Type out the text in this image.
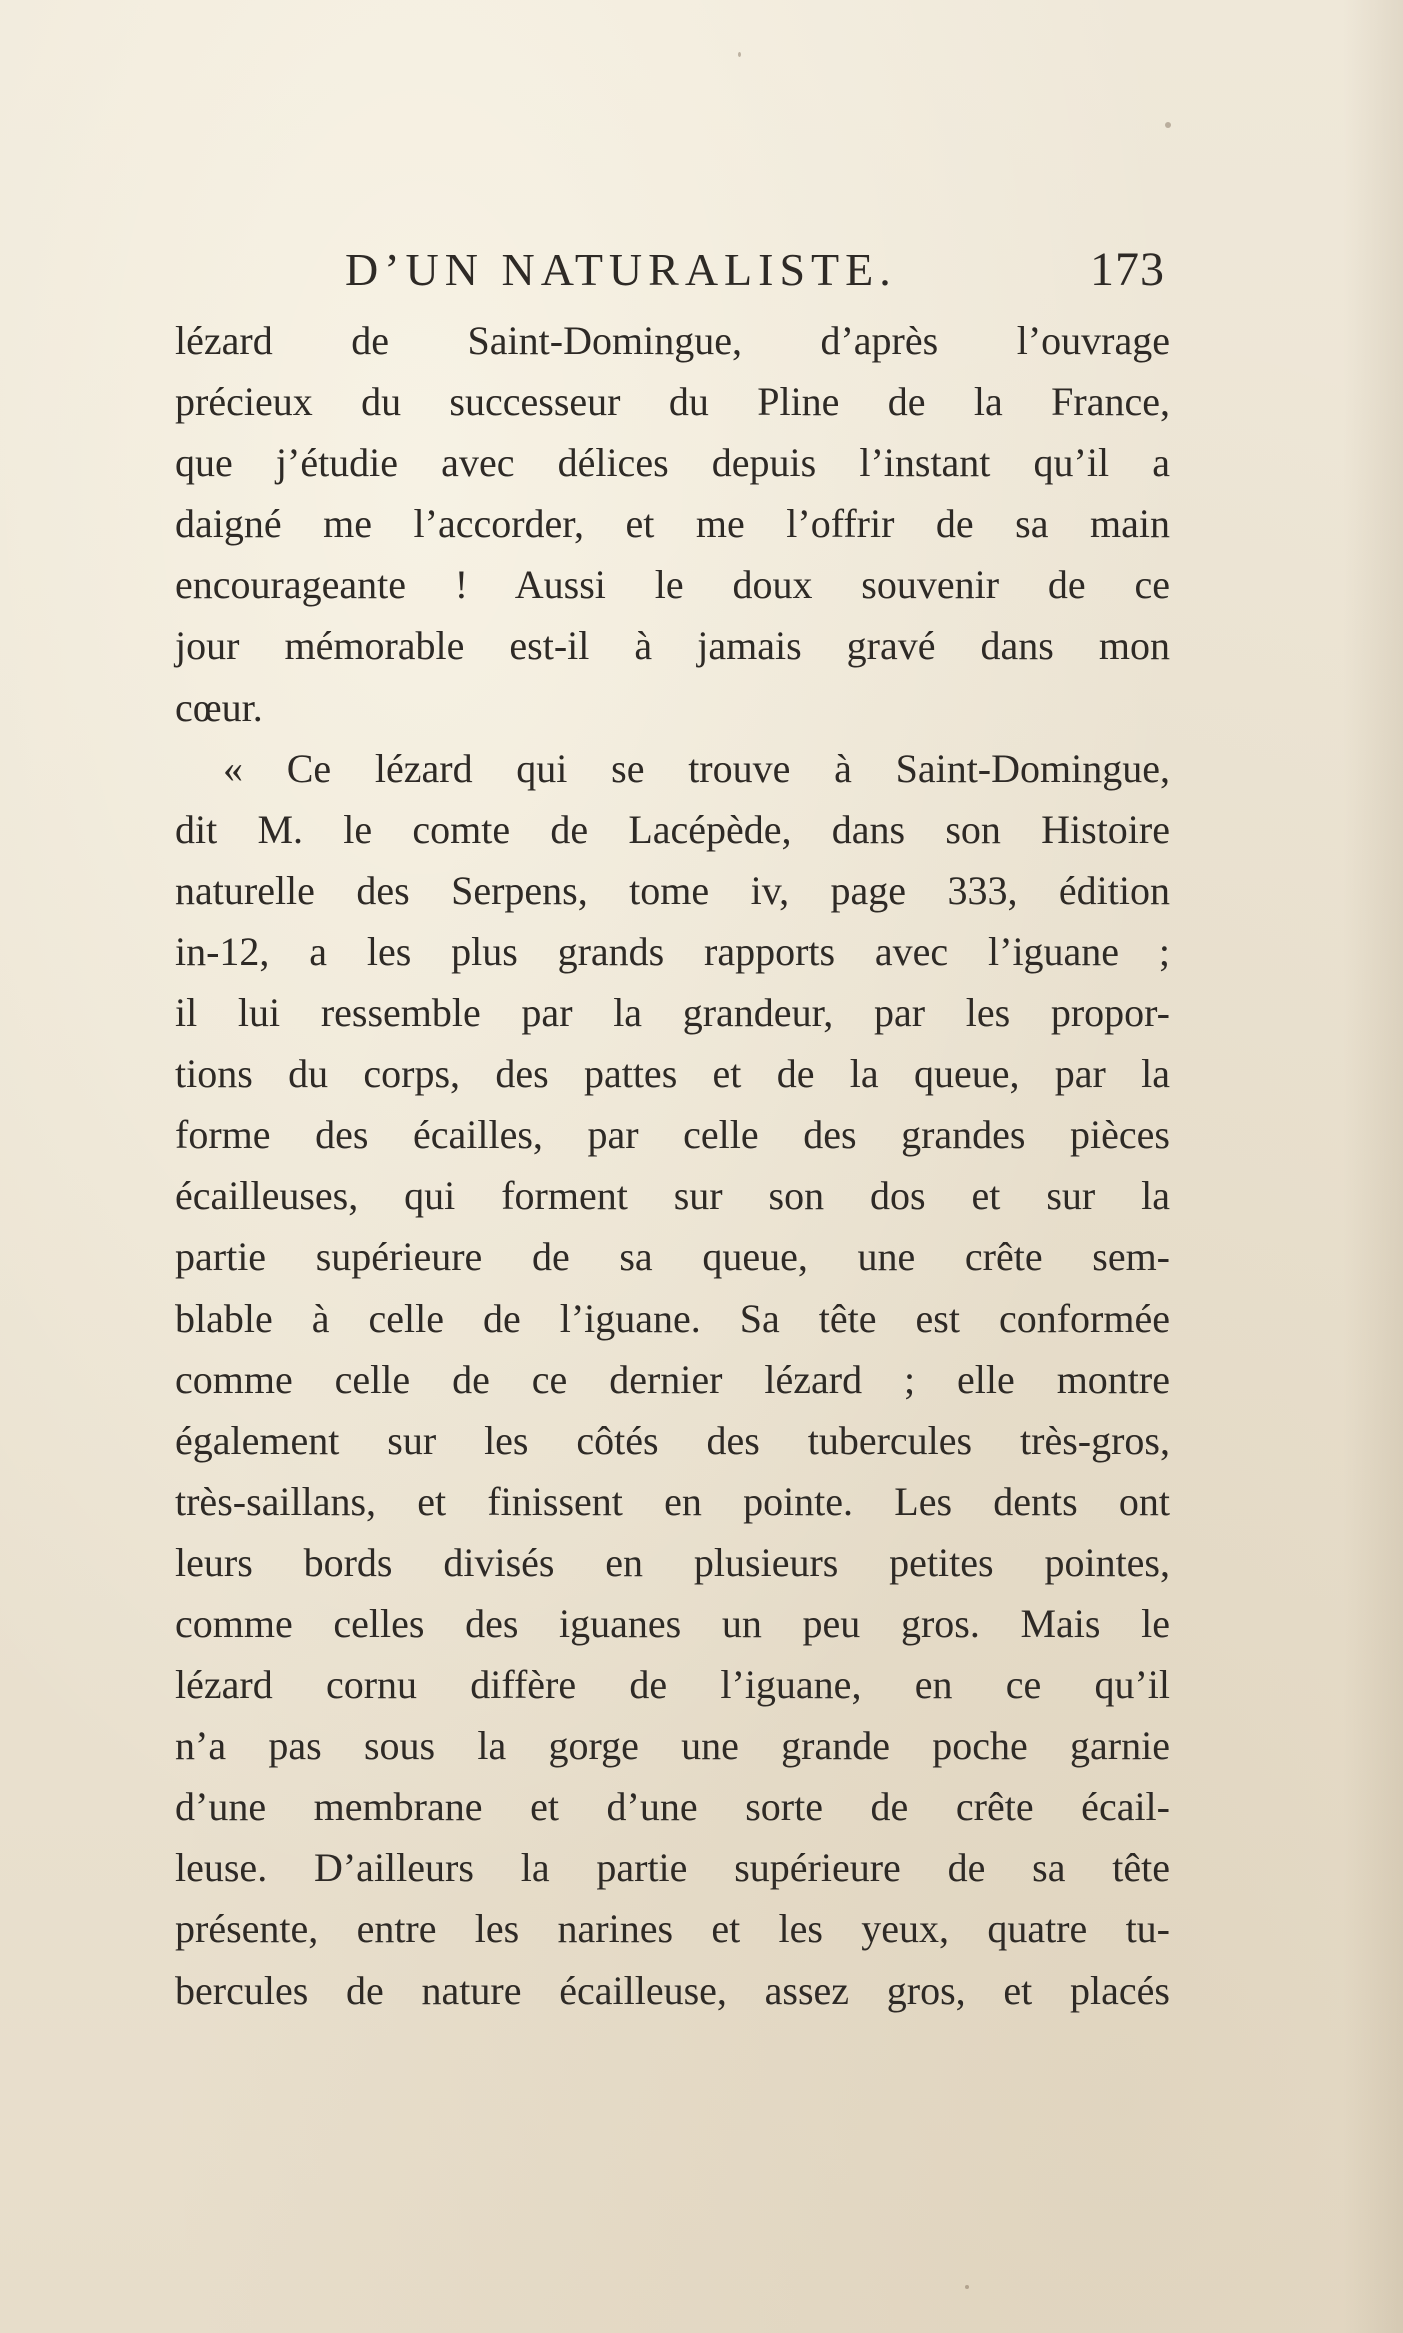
D’UN NATURALISTE.	173
lézard de Saint-Domingue, d’après l’ouvrage
précieux du successeur du Pline de la France,
que j’étudie avec délices depuis l’instant qu’il a
daigné me l’accorder, et me l’offrir de sa main
encourageante ! Aussi le doux souvenir de ce
jour mémorable est-il à jamais gravé dans mon
cœur.
« Ce lézard qui se trouve à Saint-Domingue,
dit M. le comte de Lacépède, dans son Histoire
naturelle des Serpens, tome iv, page 333, édition
in-12, a les plus grands rapports avec l’iguane ;
il lui ressemble par la grandeur, par les propor-
tions du corps, des pattes et de la queue, par la
forme des écailles, par celle des grandes pièces
écailleuses, qui forment sur son dos et sur la
partie supérieure de sa queue, une crête sem-
blable à celle de l’iguane. Sa tête est conformée
comme celle de ce dernier lézard ; elle montre
également sur les côtés des tubercules très-gros,
très-saillans, et finissent en pointe. Les dents ont
leurs bords divisés en plusieurs petites pointes,
comme celles des iguanes un peu gros. Mais le
lézard cornu diffère de l’iguane, en ce qu’il
n’a pas sous la gorge une grande poche garnie
d’une membrane et d’une sorte de crête écail-
leuse. D’ailleurs la partie supérieure de sa tête
présente, entre les narines et les yeux, quatre tu-
bercules de nature écailleuse, assez gros, et placés
